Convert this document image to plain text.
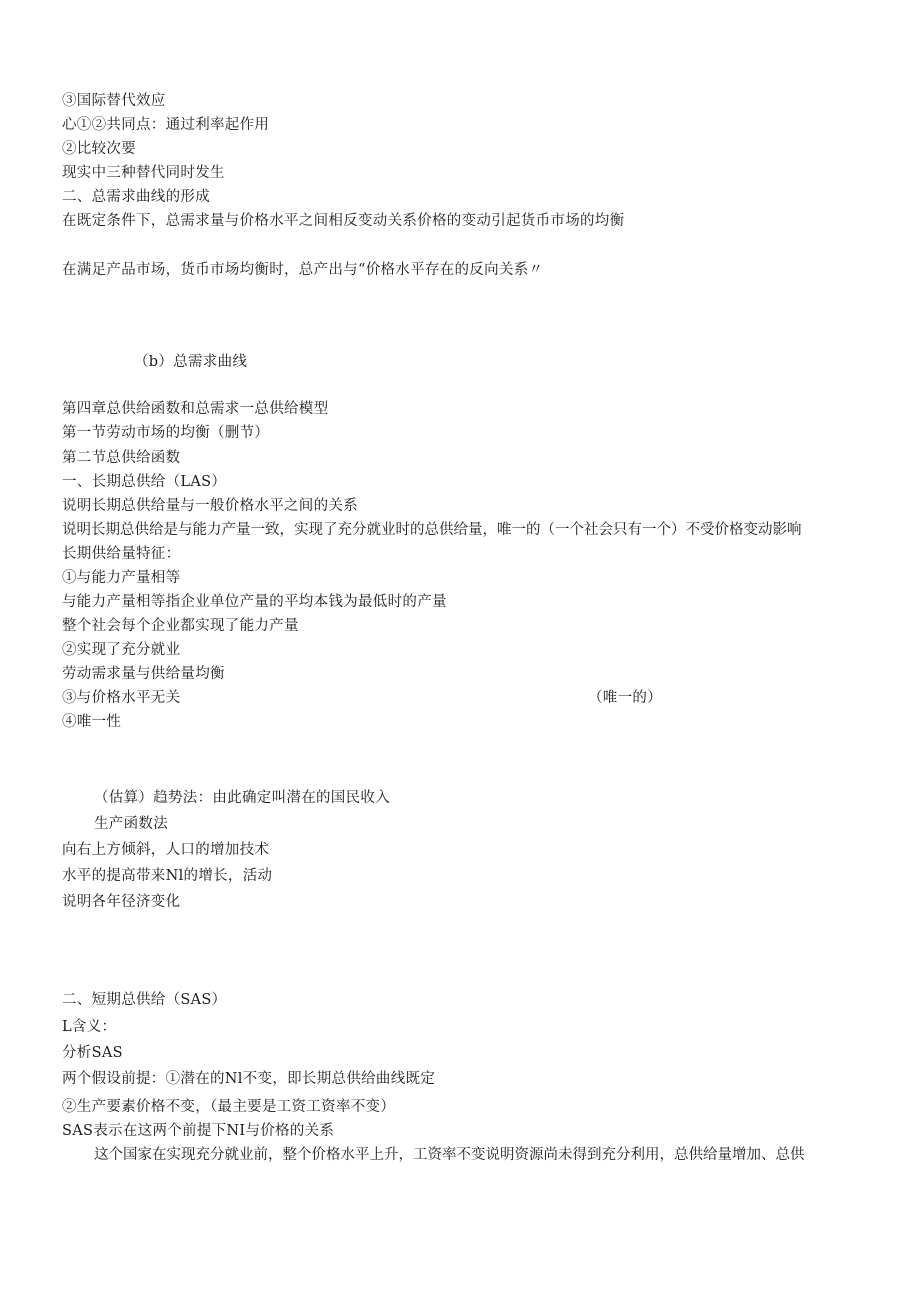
③国际替代效应
心①②共同点：通过利率起作用
②比较次要
现实中三种替代同时发生
二、总需求曲线的形成
在既定条件下，总需求量与价格水平之间相反变动关系价格的变动引起货币市场的均衡
在满足产品市场，货币市场均衡时，总产出与“价格水平存在的反向关系〃
（b）总需求曲线
第四章总供给函数和总需求一总供给模型
第一节劳动市场的均衡（删节）
第二节总供给函数
一、长期总供给（LAS）
说明长期总供给量与一般价格水平之间的关系
说明长期总供给是与能力产量一致，实现了充分就业时的总供给量，唯一的（一个社会只有一个）不受价格变动影响
长期供给量特征：
①与能力产量相等
与能力产量相等指企业单位产量的平均本钱为最低时的产量
整个社会每个企业都实现了能力产量
②实现了充分就业
劳动需求量与供给量均衡
③与价格水平无关	（唯一的）
④唯一性
（估算）趋势法：由此确定叫潜在的国民收入
生产函数法
向右上方倾斜，人口的增加技术
水平的提高带来Nl的增长，活动
说明各年径济变化
二、短期总供给（SAS）
L含义：
分析SAS
两个假设前提：①潜在的Nl不变，即长期总供给曲线既定
②生产要素价格不变，（最主要是工资工资率不变）
SAS表示在这两个前提下NI与价格的关系
这个国家在实现充分就业前，整个价格水平上升，工资率不变说明资源尚未得到充分利用，总供给量增加、总供
